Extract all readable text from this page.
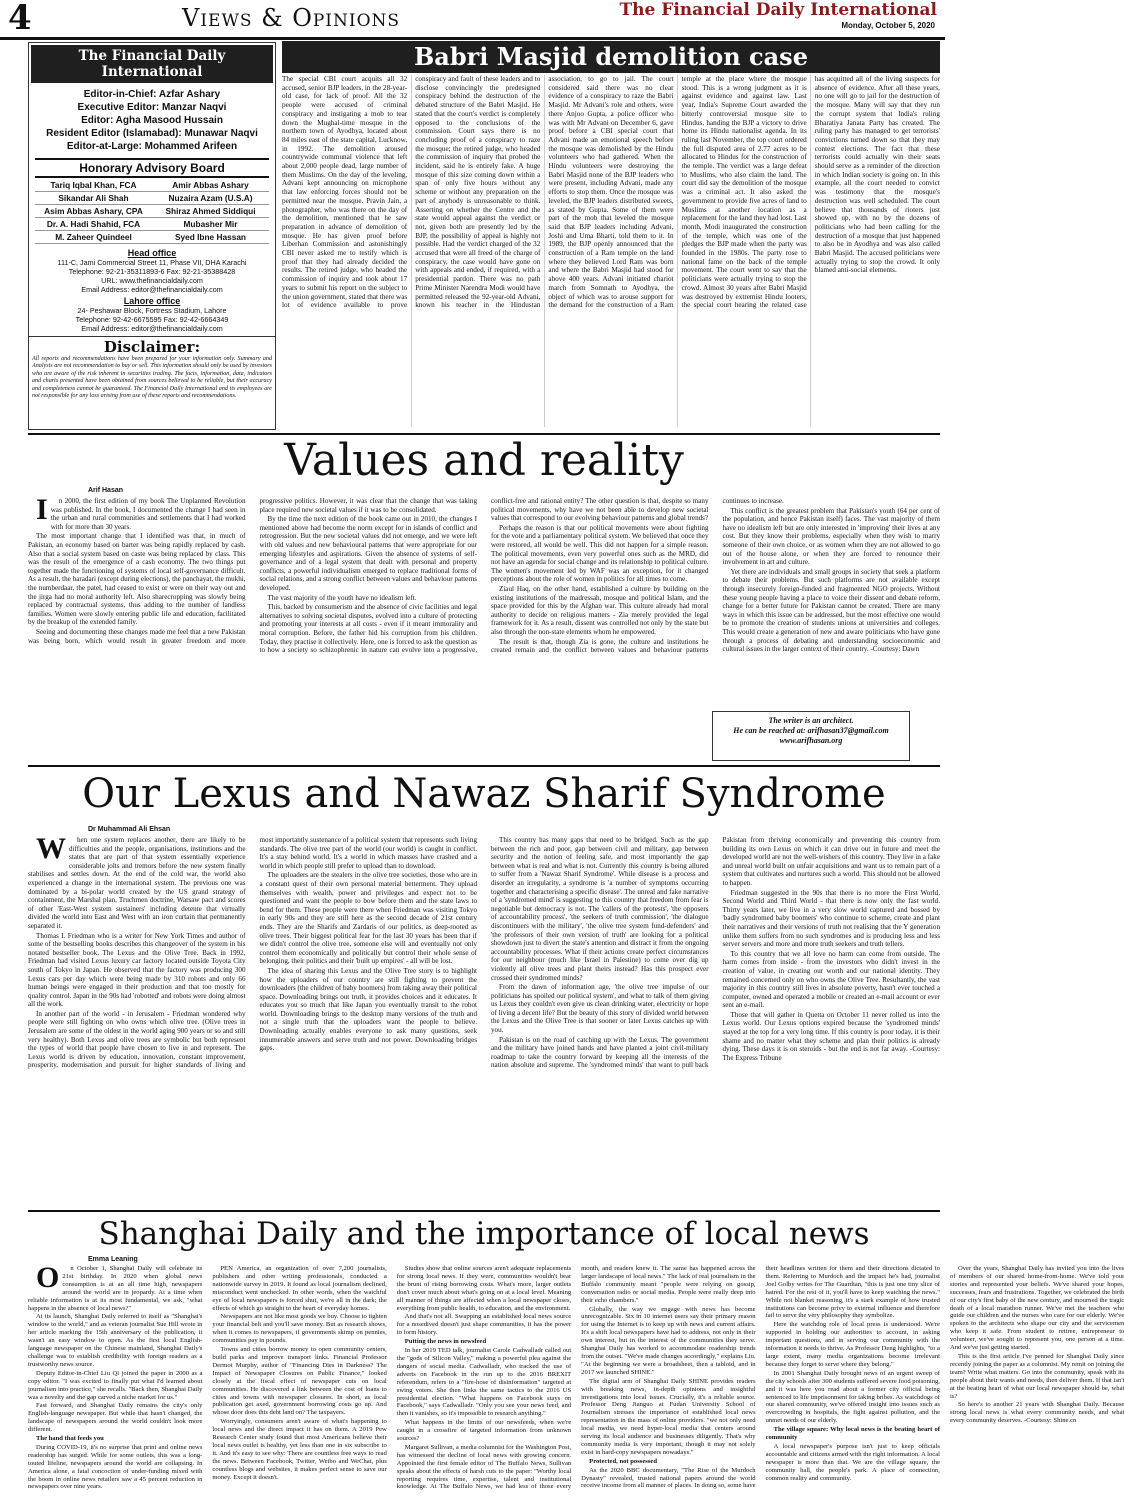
4	Views & Opinions	The Financial Daily International
Monday, October 5, 2020
The Financial Daily International
Editor-in-Chief: Azfar Ashary
Executive Editor: Manzar Naqvi
Editor: Agha Masood Hussain
Resident Editor (Islamabad): Munawar Naqvi
Editor-at-Large: Mohammed Arifeen
Honorary Advisory Board
Tariq Iqbal Khan, FCA	Amir Abbas Ashary
Sikandar Ali Shah	Nuzaira Azam (U.S.A)
Asim Abbas Ashary, CPA	Shiraz Ahmed Siddiqui
Dr. A. Hadi Shahid, FCA	Mubasher Mir
M. Zaheer Quindeel	Syed Ibne Hassan
Head office
111-C, Jami Commercial Street 11, Phase VII, DHA Karachi
Telephone: 92-21-35311893-6 Fax: 92-21-35388428
URL: www.thefinancialdaily.com
Email Address: editor@thefinancialdaily.com
Lahore office
24- Peshawar Block, Fortress Stadium, Lahore
Telephone: 92-42-6675595 Fax: 92-42-6664349
Email Address: editor@thefinancialdaily.com
Disclaimer:
All reports and recommendations have been prepared for your information only. Summary and Analysis are not recommendation to buy or sell. This information should only be used by investors who are aware of the risk inherent in securities trading. The facts, information, data, indicators and charts presented have been obtained from sources believed to be reliable, but their accuracy and completeness cannot be guaranteed. The Financial Daily International and its employees are not responsible for any loss arising from use of these reports and recommendations.
Babri Masjid demolition case
The special CBI court acquits all 32 accused, senior BJP leaders, in the 28-year-old case, for lack of proof. All the 32 people were accused of criminal conspiracy and instigating a mob to tear down the Mughal-time mosque in the northern town of Ayodhya, located about 84 miles east of the state capital, Lucknow, in 1992. The demolition aroused countrywide communal violence that left about 2,000 people dead, large number of them Muslims. On the day of the leveling, Advani kept announcing on microphone that law enforcing forces should not be permitted near the mosque. Pravin Jain, a photographer, who was there on the day of the demolition, mentioned that he saw preparation in advance of demolition of mosque. He has given proof before Liberhan Commission and astonishingly CBI never asked me to testify which is proof that they had already decided the results. The retired judge, who headed the commission of inquiry and took about 17 years to submit his report on the subject to the union government, stated that there was lot of evidence available to prove conspiracy and fault of these leaders and to disclose convincingly the predesigned conspiracy behind the destruction of the debated structure of the Babri Masjid. He stated that the court's verdict is completely opposed to the conclusions of the commission. Court says there is no concluding proof of a conspiracy to raze the mosque; the retired judge, who headed the commission of inquiry that probed the incident, said he is entirely fake. A huge mosque of this size coming down within a span of only five hours without any scheme or without any preparation on the part of anybody is unreasonable to think. Asserting on whether the Centre and the state would appeal against the verdict or not, given both are presently led by the BJP, the possibility of appeal is highly not possible. Had the verdict charged of the 32 accused that were all freed of the charge of conspiracy, the case would have gone on with appeals and ended, if required, with a presidential pardon. There was no path Prime Minister Narendra Modi would have permitted released the 92-year-old Advani, known his teacher in the Hindustan association, to go to jail. The court considered said there was no clear evidence of a conspiracy to raze the Babri Masjid. Mr Advani's role and others, were there Anjoo Gupta, a police officer who was with Mr Advani on December 6, gave proof before a CBI special court that Advani made an emotional speech before the mosque was demolished by the Hindu volunteers who had gathered. When the Hindu volunteers were destroying the Babri Masjid none of the BJP leaders who were present, including Advani, made any efforts to stop them. Once the mosque was leveled, the BJP leaders distributed sweets, as stated by Gupta. Some of them were part of the mob that leveled the mosque said that BJP leaders including Advani, Joshi and Uma Bharti, told them to it. In 1989, the BJP openly announced that the construction of a Ram temple on the land where they believed Lord Ram was born and where the Babri Masjid had stood for above 400 years. Advani initiated chariot march from Somnath to Ayodhya, the object of which was to arouse support for the demand for the construction of a Ram temple at the place where the mosque stood. This is a wrong judgment as it is against evidence and against law. Last year, India's Supreme Court awarded the bitterly controversial mosque site to Hindus, handing the BJP a victory to drive home its Hindu nationalist agenda. In its ruling last November, the top court ordered the full disputed area of 2.77 acres to be allocated to Hindus for the construction of the temple. The verdict was a large defeat to Muslims, who also claim the land. The court did say the demolition of the mosque was a criminal act. It also asked the government to provide five acres of land to Muslims at another location as a replacement for the land they had lost. Last month, Modi inaugurated the construction of the temple, which was one of the pledges the BJP made when the party was founded in the 1980s. The party rose to national fame on the back of the temple movement. The court went to say that the politicians were actually trying to stop the crowd. Almost 30 years after Babri Masjid was destroyed by extremist Hindu looters, the special court hearing the related case has acquitted all of the living suspects for absence of evidence. After all these years, no one will go to jail for the destruction of the mosque. Many will say that they run the corrupt system that India's ruling Bharatiya Janata Party has created. The ruling party has managed to get terrorists' convictions turned down so that they may contest elections. The fact that these terrorists could actually win their seats should serve as a reminder of the direction in which Indian society is going on. In this example, all the court needed to convict was testimony that the mosque's destruction was well scheduled. The court believe that thousands of rioters just showed up, with no by the dozens of politicians who had been calling for the destruction of a mosque that just happened to also be in Ayodhya and was also called Babri Masjid. The accused politicians were actually trying to stop the crowd. It only blamed anti-social elements.
Values and reality
Arif Hasan

In 2000, the first edition of my book The Unplanned Revolution was published. In the book, I documented the change I had seen in the urban and rural communities and settlements that I had worked with for more than 30 years.

The most important change that I identified was that, in much of Pakistan, an economy based on barter was being rapidly replaced by cash. Also that a social system based on caste was being replaced by class. This was the result of the emergence of a cash economy. The two things put together made the functioning of systems of local self-governance difficult. As a result, the baradari (except during elections), the panchayat, the mukhi, the numberdaar, the patel, had ceased to exist or were on their way out and the jirga had no moral authority left. Also sharecropping was slowly being replaced by contractual systems, thus adding to the number of landless families. Women were slowly entering public life and education, facilitated by the breakup of the extended family.

Seeing and documenting these changes made me feel that a new Pakistan was being born, which would result in greater freedom and more progressive politics. However, it was clear that the change that was taking place required new societal values if it was to be consolidated.

By the time the next edition of the book came out in 2010, the changes I mentioned above had become the norm except for in islands of conflict and retrogression. But the new societal values did not emerge, and we were left with old values and new behavioural patterns that were appropriate for our emerging lifestyles and aspirations. Given the absence of systems of self-governance and of a legal system that dealt with personal and property conflicts, a powerful individualism emerged to replace traditional forms of social relations, and a strong conflict between values and behaviour patterns developed.

The vast majority of the youth have no idealism left.

This, backed by consumerism and the absence of civic facilities and legal alternatives to solving societal disputes, evolved into a culture of protecting and promoting your interests at all costs - even if it meant immorality and moral corruption. Before, the father hid his corruption from his children. Today, they practise it collectively. Here, one is forced to ask the question as to how a society so schizophrenic in nature can evolve into a progressive, conflict-free and rational entity? The other question is that, despite so many political movements, why have we not been able to develop new societal values that correspond to our evolving behaviour patterns and global trends?

Perhaps the reason is that our political movements were about fighting for the vote and a parliamentary political system. We believed that once they were restored, all would be well. This did not happen for a simple reason. The political movements, even very powerful ones such as the MRD, did not have an agenda for social change and its relationship to political culture. The women's movement led by WAF was an exception, for it changed perceptions about the role of women in politics for all times to come.

Ziaul Haq, on the other hand, established a culture by building on the existing institutions of the madressah, mosque and political Islam, and the space provided for this by the Afghan war. This culture already had moral authority to decide on religious matters - Zia merely provided the legal framework for it. As a result, dissent was controlled not only by the state but also through the non-state elements whom he empowered.

The result is that, though Zia is gone, the culture and institutions he created remain and the conflict between values and behaviour patterns continues to increase.

This conflict is the greatest problem that Pakistan's youth (64 per cent of the population, and hence Pakistan itself) faces. The vast majority of them have no idealism left but are only interested in 'improving' their lives at any cost. But they know their problems, especially when they wish to marry someone of their own choice, or as women when they are not allowed to go out of the house alone, or when they are forced to renounce their involvement in art and culture.

Yet there are individuals and small groups in society that seek a platform to debate their problems. But such platforms are not available except through insecurely foreign-funded and fragmented NGO projects. Without these young people having a place to voice their dissent and debate reform, change for a better future for Pakistan cannot be created. There are many ways in which this issue can be addressed, but the most effective one would be to promote the creation of students unions at universities and colleges. This would create a generation of new and aware politicians who have gone through a process of debating and understanding socioeconomic and cultural issues in the larger context of their country. -Courtesy: Dawn

The writer is an architect.
He can be reached at: arifhasan37@gmail.com
www.arifhasan.org
Our Lexus and Nawaz Sharif Syndrome
Dr Muhammad Ali Ehsan

When one system replaces another, there are likely to be difficulties and the people, organisations, institutions and the states that are part of that system essentially experience considerable jolts and tremors before the new system finally stabilises and settles down. At the end of the cold war, the world also experienced a change in the international system. The previous one was dominated by a bi-polar world created by the US grand strategy of containment, the Marshal plan, Truchmen doctrine, Warsaw pact and scores of other 'East-West system sustainers' including detente that virtually divided the world into East and West with an iron curtain that permanently separated it.

Thomas L Friedman who is a writer for New York Times and author of some of the bestselling books describes this changeover of the system in his notated bestseller book, The Lexus and the Olive Tree. Back in 1992, Friedman had visited Lexus luxury car factory located outside Toyota City south of Tokyo in Japan. He observed that the factory was producing 300 Lexus cars per day which were being made by 310 robots and only 66 human beings were engaged in their production and that too mostly for quality control. Japan in the 90s had 'robotted' and robots were doing almost all the work.

In another part of the world - in Jerusalem - Friedman wondered why people were still fighting on who owns which olive tree. (Olive trees in Jerusalem are some of the oldest in the world aging 900 years or so and still very healthy). Both Lexus and olive trees are symbolic but both represent the types of world that people have chosen to live in and represent. The Lexus world is driven by education, innovation, constant improvement, prosperity, modernisation and pursuit for higher standards of living and most importantly sustenance of a political system that represents such living standards. The olive tree part of the world (our world) is caught in conflict. It's a stay behind world. It's a world in which masses have crashed and a world in which people still prefer to upload than to download.

The uploaders are the stealers in the olive tree societies, those who are in a constant quest of their own personal material betterment. They upload themselves with wealth, power and privileges and expect not to be questioned and want the people to bow before them and the state laws to bend for them. These people were there when Friedman was visiting Tokyo in early 90s and they are still here as the second decade of 21st century ends. They are the Sharifs and Zardaris of our politics, as deep-rooted as olive trees. Their biggest political fear for the last 30 years has been that if we didn't control the olive tree, someone else will and eventually not only control them economically and politically but control their whole sense of belonging, their politics and their 'built up empires' - all will be lost.

The idea of sharing this Lexus and the Olive Tree story is to highlight how the uploaders of our country are still fighting to prevent the downloaders (the children of baby boomers) from taking away their political space. Downloading brings out truth, it provides choices and it educates. It educates you so much that like Japan you eventually transit to the robot world. Downloading brings to the desktop many versions of the truth and not a single truth that the uploaders want the people to believe. Downloading actually enables everyone to ask many questions, seek innumerable answers and serve truth and not power. Downloading bridges gaps.

This country has many gaps that need to be bridged. Such as the gap between the rich and poor, gap between civil and military, gap between security and the notion of feeling safe, and most importantly the gap between what is real and what is not. Currently this country is being allured to suffer from a 'Nawaz Sharif Syndrome'. While disease is a process and disorder an irregularity, a syndrome is 'a number of symptoms occurring together and characterising a specific disease'. The unreal and fake narrative of a 'syndromed mind' is suggesting to this country that freedom from fear is negotiable but democracy is not. The 'callers of the protests', 'the opposers of accountability process', 'the seekers of truth commission', 'the dialogue discontinuers with the military', 'the olive tree system fund-defenders' and 'the professors of their own version of truth' are looking for a political showdown just to divert the state's attention and distract it from the ongoing accountability processes. What if their actions create perfect circumstances for our neighbour (much like Israel in Palestine) to come over dig up violently all olive trees and plant theirs instead? Has this prospect ever crossed their syndromed minds?

From the dawn of information age, 'the olive tree impulse of our politicians has spoiled our political system', and what to talk of them giving us Lexus they couldn't even give us clean drinking water, electricity or hope of living a decent life? But the beauty of this story of divided world between the Lexus and the Olive Tree is that sooner or later Lexus catches up with you.

Pakistan is on the road of catching up with the Lexus. The government and the military have joined hands and have planted a joint civil-military roadmap to take the country forward by keeping all the interests of the nation absolute and supreme. The 'syndromed minds' that want to pull back Pakistan from thriving economically and preventing this country from building its own Lexus on which it can drive out in future and meet the developed world are not the well-wishers of this country. They live in a fake and unreal world built on unfair acquisitions and want us to remain part of a system that cultivates and nurtures such a world. This should not be allowed to happen.

Friedman suggested in the 90s that there is no more the First World, Second World and Third World - that there is now only the fast world. Thirty years later, we live in a very slow world captured and bossed by 'badly syndromed baby boomers' who continue to scheme, create and plant their narratives and their versions of truth not realising that the Y generation unlike them suffers from no such syndromes and is producing less and less server servers and more and more truth seekers and truth tellers.

To this country that we all love no harm can come from outside. The harm comes from inside - from the investors who didn't invest in the creation of value, in creating our worth and our national identity. They remained concerned only on who owns the Olive Tree. Resultantly, the vast majority in this country still lives in absolute poverty, hasn't ever touched a computer, owned and operated a mobile or created an e-mail account or ever sent an e-mail.

Those that will gather in Quetta on October 11 never rolled us into the Lexus world. Our Lexus options expired because the 'syndromed minds' stayed at the top for a very long time. If this country is poor today, it is their shame and no matter what they scheme and plan their politics is already dying. These days it is on steroids - but the end is not far away. -Courtesy: The Express Tribune

Shanghai Daily and the importance of local news
Emma Leaning

On October 1, Shanghai Daily will celebrate its 21st birthday. In 2020 when global news consumption is at an all time high, newspapers around the world are in jeopardy. At a time when reliable information is at its most fundamental, we ask, "what happens in the absence of local news?"

At its launch, Shanghai Daily referred to itself as "Shanghai's window to the world," and as veteran journalist Sue Hill wrote in her article marking the 15th anniversary of the publication, it wasn't an easy window to open. As the first local English-language newspaper on the Chinese mainland, Shanghai Daily's challenge was to establish credibility with foreign readers as a trustworthy news source.

Deputy Editor-in-Chief Liu Qi joined the paper in 2000 as a copy editor. "I was excited to finally put what I'd learned about journalism into practice," she recalls. "Back then, Shanghai Daily was a novelty and the gap carved a niche market for us."

Fast forward, and Shanghai Daily remains the city's only English-language newspaper. But while that hasn't changed, the landscape of newspapers around the world couldn't look more different.

The hand that feeds you

During COVID-19, it's no surprise that print and online news readership has surged. While for some outlets, this was a long-touted lifeline, newspapers around the world are collapsing. In America alone, a fatal concoction of under-funding mixed with the boom in online news retailers saw a 45 percent reduction in newspapers over nine years.

PEN America, an organization of over 7,200 journalists, publishers and other writing professionals, conducted a nationwide survey in 2019. It found as local journalism declined, misconduct went unchecked. In other words, when the watchful eye of local newspapers is forced shut, we're all in the dark; the effects of which go straight to the heart of everyday homes.

Newspapers are not like most goods we buy. Choose to tighten your financial belt and you'll save money. But as research shows, when it comes to newspapers, if governments skimp on pennies, communities pay in pounds.

Towns and cities borrow money to open community centers, build parks and improve transport links. Financial Professor Dermot Murphy, author of "Financing Dies in Darkness? The Impact of Newspaper Closures on Public Finance," looked closely at the fiscal effect of newspaper cuts on local communities. He discovered a link between the cost of loans to cities and towns with newspaper closures. In short, as local publication get axed, government borrowing costs go up. And whose door does this debt land on? The taxpayers.

Worryingly, consumers aren't aware of what's happening to local news and the direct impact it has on them. A 2019 Pew Research Center study found that most Americans believe their local news outlet is healthy, yet less than one in six subscribe to it. And it's easy to see why: There are countless free ways to read the news. Between Facebook, Twitter, Weibo and WeChat, plus countless blogs and websites, it makes perfect sense to save our money. Except it doesn't.

Studies show that online sources aren't adequate replacements for strong local news. If they were, communities wouldn't bear the brunt of rising borrowing costs. What's more, larger outlets don't cover much about what's going on at a local level. Meaning all manner of things are affected when a local newspaper closes, everything from public health, to education, and the environment.

And that's not all. Swapping an established local news source for a nosedived doesn't just shape communities, it has the power to form history.

Putting the news in newsfeed

In her 2019 TED talk, journalist Carole Cadwalladr called out the "gods of Silicon Valley," making a powerful plea against the dangers of social media. Cadwalladr, who tracked the use of adverts on Facebook in the run up to the 2016 BREXIT referendum, refers to a "fire-hose of disinformation" targeted at swing voters. She then links the same tactics to the 2016 US presidential election. "What happens on Facebook stays on Facebook," says Cadwalladr. "Only you see your news feed, and then it vanishes, so it's impossible to research anything."

What happens in the limits of our newsfeeds, when we're caught in a crossfire of targeted information from unknown sources?

Margaret Sullivan, a media columnist for the Washington Post, has witnessed the decline of local news with growing concern. Appointed the first female editor of The Buffalo News, Sullivan speaks about the effects of harsh cuts to the paper: "Worthy local reporting requires time, expertise, talent and institutional knowledge. At The Buffalo News, we had less of those every month, and readers knew it. The same has happened across the larger landscape of local news." The lack of real journalism in the Buffalo community meant "people were relying on gossip, conversation radio or social media. People were really deep into their echo chambers."

Globally, the way we engage with news has become unrecognizable. Six in 10 internet users say their primary reason for using the Internet is to keep up with news and current affairs. It's a shift local newspapers have had to address, not only in their own interest, but in the interest of the communities they serve. Shanghai Daily has worked to accommodate readership trends from the outset. "We've made changes accordingly," explains Liu. "At the beginning we were a broadsheet, then a tabloid, and in 2017 we launched SHINE."

The digital arm of Shanghai Daily SHINE provides readers with breaking news, in-depth opinions and insightful investigations into local issues. Crucially, it's a reliable source. Professor Deng Jianguo at Fudan University School of Journalism stresses the importance of established local news representation in the mass of online providers. "we not only need local media, we need hyper-local media that centers around serving its local audience and businesses diligently. That's why community media is very important, though it may not solely exist in hard-copy newspapers nowadays."

Protected, not possessed

As the 2020 BBC documentary, "The Rise of the Murdoch Dynasty" revealed, trusted national papers around the world receive income from all manner of places. In doing so, some have their headlines written for them and their directions dictated to them. Referring to Murdoch and the impact he's had, journalist Joel Golby writes for The Guardian, "this is just one tiny slice of hatred. For the rest of it, you'll have to keep watching the news." While not blanket reasoning, it's a stark example of how trusted institutions can become privy to external influence and therefore fail to serve the very philosophy they symbolize.

Here the watchdog role of local press is understood. We're supported in holding our authorities to account, in asking important questions, and in serving our community with the information it needs to thrive. As Professor Deng highlights, "to a large extent, many media organizations become irrelevant because they forget to serve where they belong."

In 2001 Shanghai Daily brought news of an urgent sweep of the city schools after 300 students suffered severe food poisoning, and it was here you read about a former city official being sentenced to life imprisonment for taking bribes. As watchdogs of our shared community, we've offered insight into issues such as overcrowding in hospitals, the fight against pollution, and the unmet needs of our elderly.

The village square: Why local news is the beating heart of community

A local newspaper's purpose isn't just to keep officials accountable and citizens armed with the right information. A local newspaper is more than that. We are the village square, the community hall, the people's park. A place of connection, common reality and community.

Over the years, Shanghai Daily has invited you into the lives of members of our shared home-from-home. We've told your stories and represented your beliefs. We've shared your hopes, successes, fears and frustrations. Together, we celebrated the birth of our city's first baby of the new century, and mourned the tragic death of a local marathon runner. We've met the teachers who guide our children and the nurses who care for our elderly. We've spoken to the architects who shape our city and the servicemen who keep it safe. From student to retiree, entrepreneur to volunteer, we've sought to represent you, one person at a time. And we've just getting started.

This is the first article I've penned for Shanghai Daily since recently joining the paper as a columnist. My remit on joining the team? Write what matters. Go into the community, speak with its people about their wants and needs, then deliver them. If that isn't at the beating heart of what our local newspaper should be, what is?

So here's to another 21 years with Shanghai Daily. Because strong local news is what every community needs, and what every community deserves. -Courtesy: Shine.cn
